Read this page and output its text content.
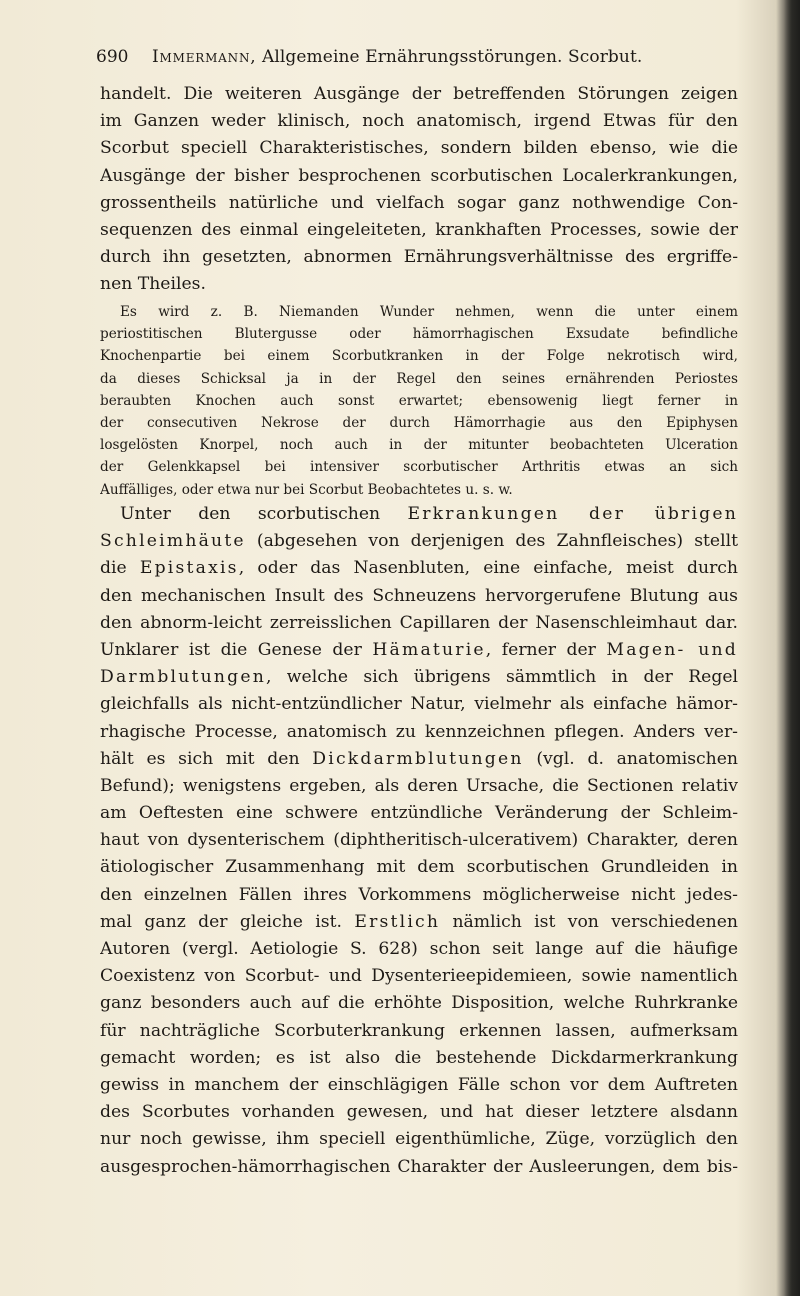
690 Immermann, Allgemeine Ernährungsstörungen. Scorbut.
handelt. Die weiteren Ausgänge der betreffenden Störungen zeigen
im Ganzen weder klinisch, noch anatomisch, irgend Etwas für den
Scorbut speciell Charakteristisches, sondern bilden ebenso, wie die
Ausgänge der bisher besprochenen scorbutischen Localerkrankungen,
grossentheils natürliche und vielfach sogar ganz nothwendige Con-
sequenzen des einmal eingeleiteten, krankhaften Processes, sowie der
durch ihn gesetzten, abnormen Ernährungsverhältnisse des ergriffe-
nen Theiles.
Es wird z. B. Niemanden Wunder nehmen, wenn die unter einem
periostitischen Blutergusse oder hämorrhagischen Exsudate befindliche
Knochenpartie bei einem Scorbutkranken in der Folge nekrotisch wird,
da dieses Schicksal ja in der Regel den seines ernährenden Periostes
beraubten Knochen auch sonst erwartet; ebensowenig liegt ferner in
der consecutiven Nekrose der durch Hämorrhagie aus den Epiphysen
losgelösten Knorpel, noch auch in der mitunter beobachteten Ulceration
der Gelenkkapsel bei intensiver scorbutischer Arthritis etwas an sich
Auffälliges, oder etwa nur bei Scorbut Beobachtetes u. s. w.
Unter den scorbutischen Erkrankungen der übrigen
Schleimhäute (abgesehen von derjenigen des Zahnfleisches) stellt
die Epistaxis, oder das Nasenbluten, eine einfache, meist durch
den mechanischen Insult des Schneuzens hervorgerufene Blutung aus
den abnorm-leicht zerreisslichen Capillaren der Nasenschleimhaut dar.
Unklarer ist die Genese der Hämaturie, ferner der Magen- und
Darmblutungen, welche sich übrigens sämmtlich in der Regel
gleichfalls als nicht-entzündlicher Natur, vielmehr als einfache hämor-
rhagische Processe, anatomisch zu kennzeichnen pflegen. Anders ver-
hält es sich mit den Dickdarmblutungen (vgl. d. anatomischen
Befund); wenigstens ergeben, als deren Ursache, die Sectionen relativ
am Oeftesten eine schwere entzündliche Veränderung der Schleim-
haut von dysenterischem (diphtheritisch-ulcerativem) Charakter, deren
ätiologischer Zusammenhang mit dem scorbutischen Grundleiden in
den einzelnen Fällen ihres Vorkommens möglicherweise nicht jedes-
mal ganz der gleiche ist. Erstlich nämlich ist von verschiedenen
Autoren (vergl. Aetiologie S. 628) schon seit lange auf die häufige
Coexistenz von Scorbut- und Dysenterieepidemieen, sowie namentlich
ganz besonders auch auf die erhöhte Disposition, welche Ruhrkranke
für nachträgliche Scorbuterkrankung erkennen lassen, aufmerksam
gemacht worden; es ist also die bestehende Dickdarmerkrankung
gewiss in manchem der einschlägigen Fälle schon vor dem Auftreten
des Scorbutes vorhanden gewesen, und hat dieser letztere alsdann
nur noch gewisse, ihm speciell eigenthümliche, Züge, vorzüglich den
ausgesprochen-hämorrhagischen Charakter der Ausleerungen, dem bis-
